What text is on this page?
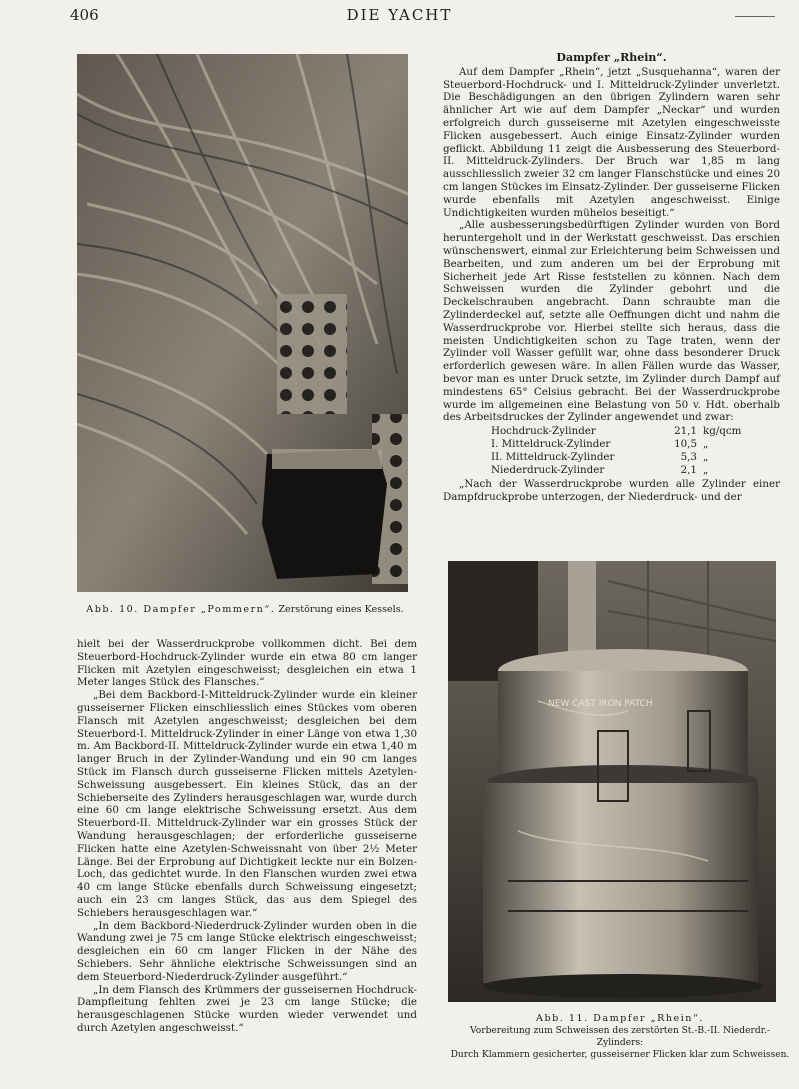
406	DIE YACHT
Abb. 10. Dampfer „Pommern“. Zerstörung eines Kessels.
Dampfer „Rhein“.

Auf dem Dampfer „Rhein“, jetzt „Susquehanna“, waren der Steuerbord-Hochdruck- und I. Mitteldruck-Zylinder unverletzt. Die Beschädigungen an den übrigen Zylindern waren sehr ähnlicher Art wie auf dem Dampfer „Neckar“ und wurden erfolgreich durch gusseiserne mit Azetylen eingeschweisste Flicken ausgebessert. Auch einige Einsatz-Zylinder wurden geflickt. Abbildung 11 zeigt die Ausbesserung des Steuerbord-II. Mitteldruck-Zylinders. Der Bruch war 1,85 m lang ausschliesslich zweier 32 cm langer Flanschstücke und eines 20 cm langen Stückes im Einsatz-Zylinder. Der gusseiserne Flicken wurde ebenfalls mit Azetylen angeschweisst. Einige Undichtigkeiten wurden mühelos beseitigt.“

„Alle ausbesserungsbedürftigen Zylinder wurden von Bord heruntergeholt und in der Werkstatt geschweisst. Das erschien wünschenswert, einmal zur Erleichterung beim Schweissen und Bearbeiten, und zum anderen um bei der Erprobung mit Sicherheit jede Art Risse feststellen zu können. Nach dem Schweissen wurden die Zylinder gebohrt und die Deckelschrauben angebracht. Dann schraubte man die Zylinderdeckel auf, setzte alle Oeffnungen dicht und nahm die Wasserdruckprobe vor. Hierbei stellte sich heraus, dass die meisten Undichtigkeiten schon zu Tage traten, wenn der Zylinder voll Wasser gefüllt war, ohne dass besonderer Druck erforderlich gewesen wäre. In allen Fällen wurde das Wasser, bevor man es unter Druck setzte, im Zylinder durch Dampf auf mindestens 65° Celsius gebracht. Bei der Wasserdruckprobe wurde im allgemeinen eine Belastung von 50 v. Hdt. oberhalb des Arbeitsdruckes der Zylinder angewendet und zwar:

Hochdruck-Zylinder	21,1	kg/qcm
I. Mitteldruck-Zylinder	10,5	„
II. Mitteldruck-Zylinder	5,3	„
Niederdruck-Zylinder	2,1	„

„Nach der Wasserdruckprobe wurden alle Zylinder einer Dampfdruckprobe unterzogen, der Niederdruck- und der

NEW CAST IRON PATCH
Abb. 11. Dampfer „Rhein“.
Vorbereitung zum Schweissen des zerstörten St.-B.-II. Niederdr.-Zylinders:
Durch Klammern gesicherter, gusseiserner Flicken klar zum Schweissen.

hielt bei der Wasserdruckprobe vollkommen dicht. Bei dem Steuerbord-Hochdruck-Zylinder wurde ein etwa 80 cm langer Flicken mit Azetylen eingeschweisst; desgleichen ein etwa 1 Meter langes Stück des Flansches.“

„Bei dem Backbord-I-Mitteldruck-Zylinder wurde ein kleiner gusseiserner Flicken einschliesslich eines Stückes vom oberen Flansch mit Azetylen angeschweisst; desgleichen bei dem Steuerbord-I. Mitteldruck-Zylinder in einer Länge von etwa 1,30 m. Am Backbord-II. Mitteldruck-Zylinder wurde ein etwa 1,40 m langer Bruch in der Zylinder-Wandung und ein 90 cm langes Stück im Flansch durch gusseiserne Flicken mittels Azetylen-Schweissung ausgebessert. Ein kleines Stück, das an der Schieberseite des Zylinders herausgeschlagen war, wurde durch eine 60 cm lange elektrische Schweissung ersetzt. Aus dem Steuerbord-II. Mitteldruck-Zylinder war ein grosses Stück der Wandung herausgeschlagen; der erforderliche gusseiserne Flicken hatte eine Azetylen-Schweissnaht von über 2½ Meter Länge. Bei der Erprobung auf Dichtigkeit leckte nur ein Bolzen-Loch, das gedichtet wurde. In den Flanschen wurden zwei etwa 40 cm lange Stücke ebenfalls durch Schweissung eingesetzt; auch ein 23 cm langes Stück, das aus dem Spiegel des Schiebers herausgeschlagen war.“

„In dem Backbord-Niederdruck-Zylinder wurden oben in die Wandung zwei je 75 cm lange Stücke elektrisch eingeschweisst; desgleichen ein 60 cm langer Flicken in der Nähe des Schiebers. Sehr ähnliche elektrische Schweissungen sind an dem Steuerbord-Niederdruck-Zylinder ausgeführt.“

„In dem Flansch des Krümmers der gusseisernen Hochdruck-Dampfleitung fehlten zwei je 23 cm lange Stücke; die herausgeschlagenen Stücke wurden wieder verwendet und durch Azetylen angeschweisst.“
